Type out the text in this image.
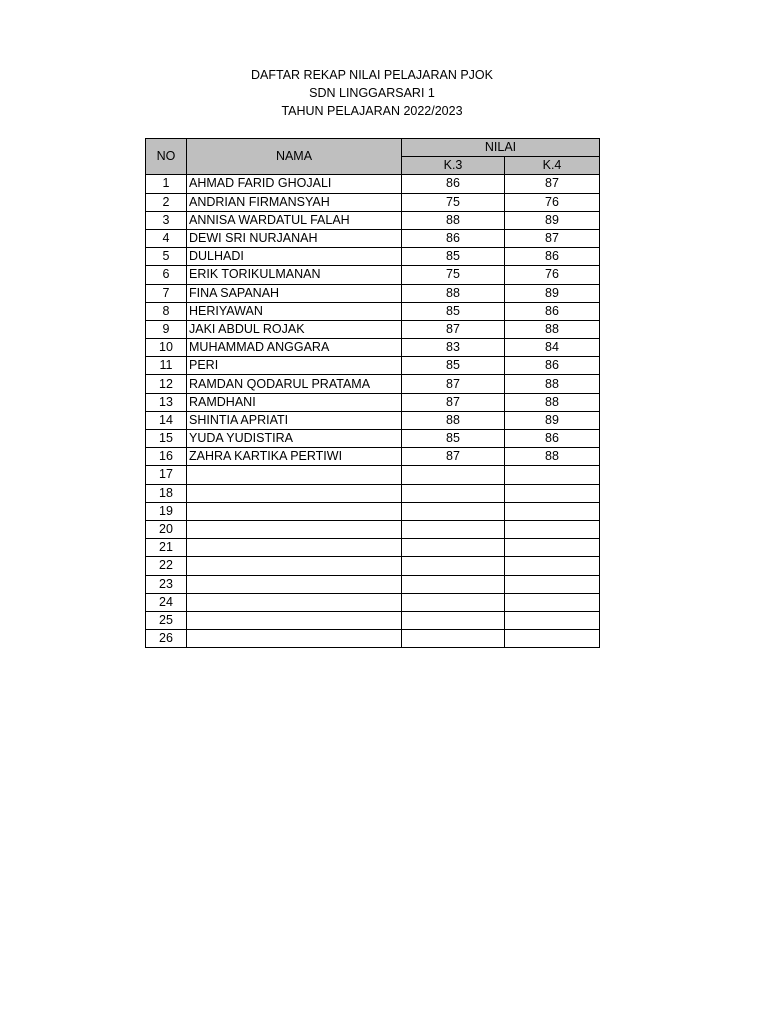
DAFTAR REKAP NILAI PELAJARAN PJOK
SDN LINGGARSARI 1
TAHUN PELAJARAN 2022/2023
NO	NAMA	NILAI	
		K.3	K.4
1	AHMAD FARID GHOJALI	86	87
2	ANDRIAN FIRMANSYAH	75	76
3	ANNISA WARDATUL FALAH	88	89
4	DEWI SRI NURJANAH	86	87
5	DULHADI	85	86
6	ERIK TORIKULMANAN	75	76
7	FINA SAPANAH	88	89
8	HERIYAWAN	85	86
9	JAKI ABDUL ROJAK	87	88
10	MUHAMMAD ANGGARA	83	84
11	PERI	85	86
12	RAMDAN QODARUL PRATAMA	87	88
13	RAMDHANI	87	88
14	SHINTIA APRIATI	88	89
15	YUDA YUDISTIRA	85	86
16	ZAHRA KARTIKA PERTIWI	87	88
17			
18			
19			
20			
21			
22			
23			
24			
25			
26			
